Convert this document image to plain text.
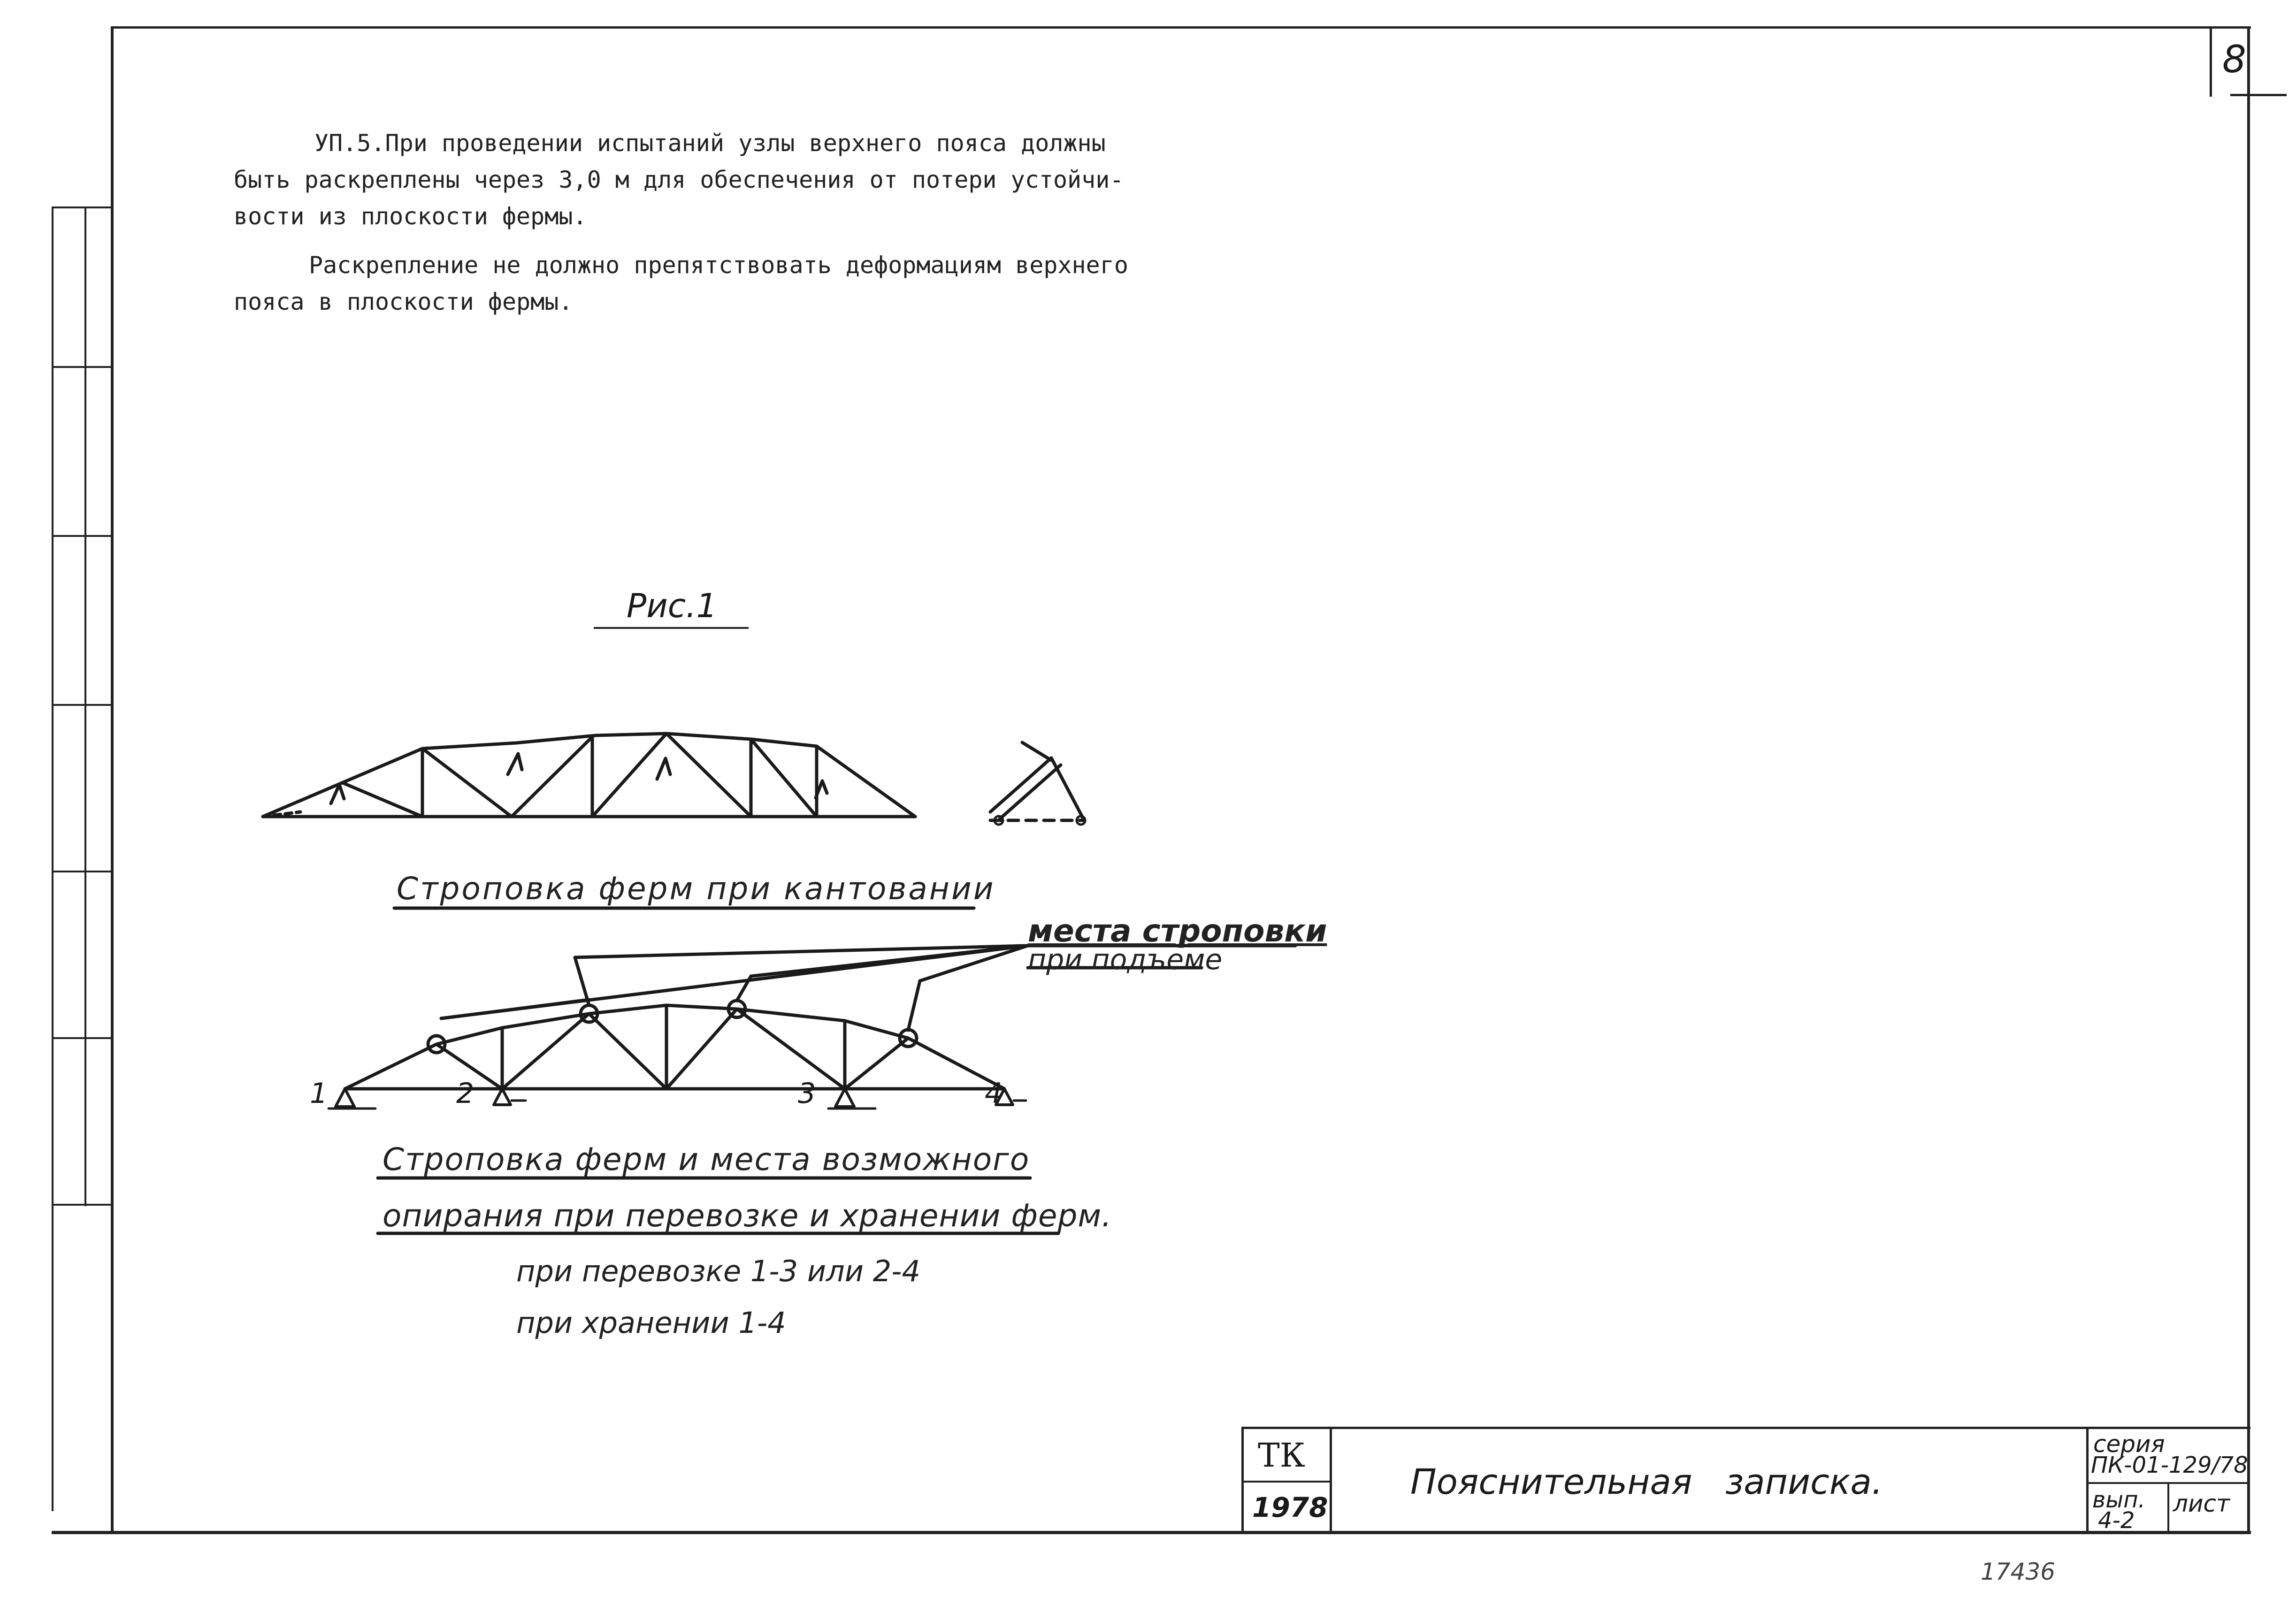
8
УП.5.При проведении испытаний узлы верхнего пояса должны
быть раскреплены через 3,0 м для обеспечения от потери устойчи-
вости из плоскости фермы.
Раскрепление не должно препятствовать деформациям верхнего
пояса в плоскости фермы.
Рис.1
Строповка ферм при кантовании
места строповки
при подъеме
1	2	3	4
Строповка ферм и места возможного
опирания при перевозке и хранении ферм.
при перевозке 1-3 или 2-4
при хранении 1-4
ТК
1978
Пояснительная   записка.
серия
ПК-01-129/78
вып.
4-2
лист
17436
